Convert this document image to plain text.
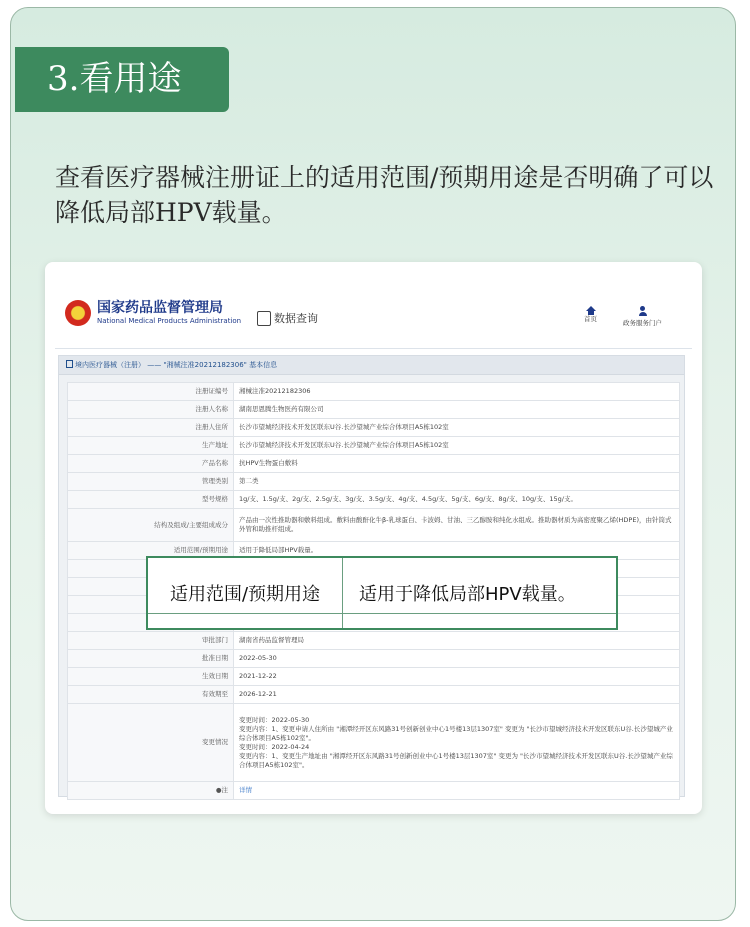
3.看用途
查看医疗器械注册证上的适用范围/预期用途是否明确了可以降低局部HPV载量。
国家药品监督管理局
National Medical Products Administration	数据查询	首页	政务服务门户
境内医疗器械（注册） —— "湘械注准20212182306" 基本信息
注册证编号	湘械注准20212182306
注册人名称	湖南思恩腾生物医药有限公司
注册人住所	长沙市望城经济技术开发区联东U谷.长沙望城产业综合体项目A5栋102室
生产地址	长沙市望城经济技术开发区联东U谷.长沙望城产业综合体项目A5栋102室
产品名称	抗HPV生物蛋白敷料
管理类别	第二类
型号规格	1g/支、1.5g/支、2g/支、2.5g/支、3g/支、3.5g/支、4g/支、4.5g/支、5g/支、6g/支、8g/支、10g/支、15g/支。
结构及组成/主要组成成分	产品由一次性推助器和敷料组成。敷料由酸酐化牛β-乳球蛋白、卡波姆、甘油、三乙醇胺和纯化水组成。推助器材质为高密度聚乙烯(HDPE)，由针筒式外管和助推杆组成。
适用范围/预期用途	适用于降低局部HPV载量。

审批部门	湖南省药品监督管理局
批准日期	2022-05-30
生效日期	2021-12-22
有效期至	2026-12-21
变更情况	变更时间：2022-05-30
变更内容：1、变更申请人住所由 "湘潭经开区东风路31号创新创业中心1号楼13层1307室" 变更为 "长沙市望城经济技术开发区联东U谷.长沙望城产业综合体项目A5栋102室"。
变更时间：2022-04-24
变更内容：1、变更生产地址由 "湘潭经开区东风路31号创新创业中心1号楼13层1307室" 变更为 "长沙市望城经济技术开发区联东U谷.长沙望城产业综合体项目A5栋102室"。
●注	详情
适用范围/预期用途	适用于降低局部HPV载量。
